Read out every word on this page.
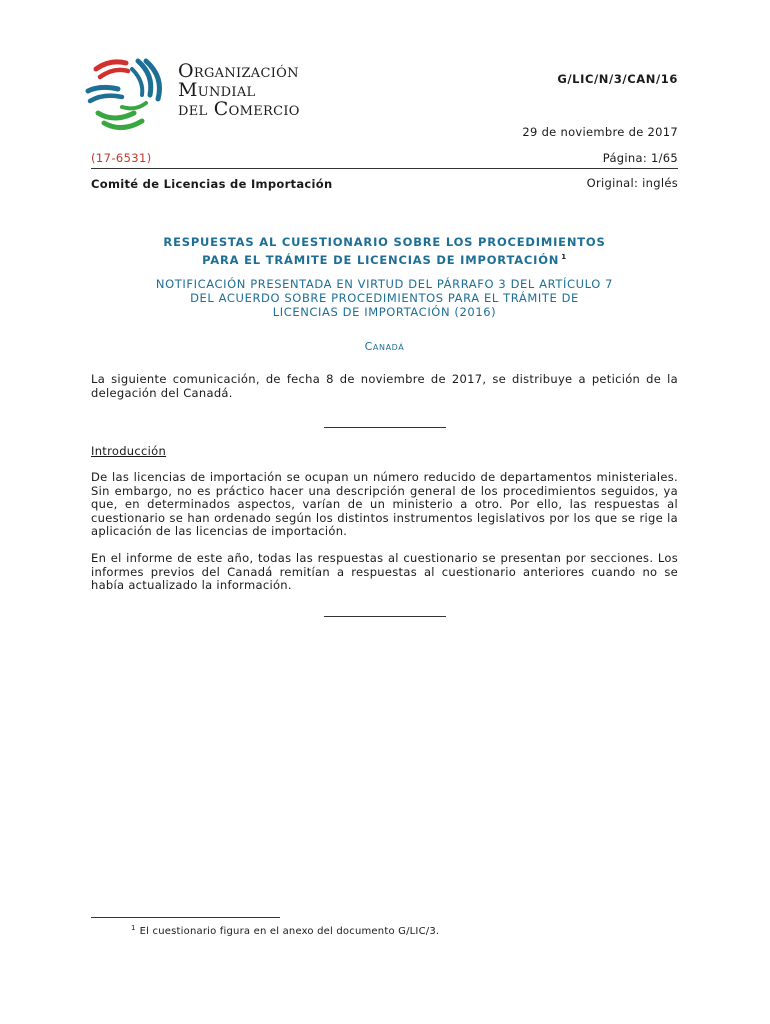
Organización
Mundial
del Comercio
G/LIC/N/3/CAN/16
29 de noviembre de 2017
(17-6531)	Página: 1/65
Comité de Licencias de Importación	Original: inglés
RESPUESTAS AL CUESTIONARIO SOBRE LOS PROCEDIMIENTOS
PARA EL TRÁMITE DE LICENCIAS DE IMPORTACIÓN $^1$
NOTIFICACIÓN PRESENTADA EN VIRTUD DEL PÁRRAFO 3 DEL ARTÍCULO 7
DEL ACUERDO SOBRE PROCEDIMIENTOS PARA EL TRÁMITE DE
LICENCIAS DE IMPORTACIÓN (2016)
Canadá
La siguiente comunicación, de fecha 8 de noviembre de 2017, se distribuye a petición de la delegación del Canadá.
Introducción
De las licencias de importación se ocupan un número reducido de departamentos ministeriales. Sin embargo, no es práctico hacer una descripción general de los procedimientos seguidos, ya que, en determinados aspectos, varían de un ministerio a otro. Por ello, las respuestas al cuestionario se han ordenado según los distintos instrumentos legislativos por los que se rige la aplicación de las licencias de importación.
En el informe de este año, todas las respuestas al cuestionario se presentan por secciones. Los informes previos del Canadá remitían a respuestas al cuestionario anteriores cuando no se había actualizado la información.
$^1$ El cuestionario figura en el anexo del documento G/LIC/3.
